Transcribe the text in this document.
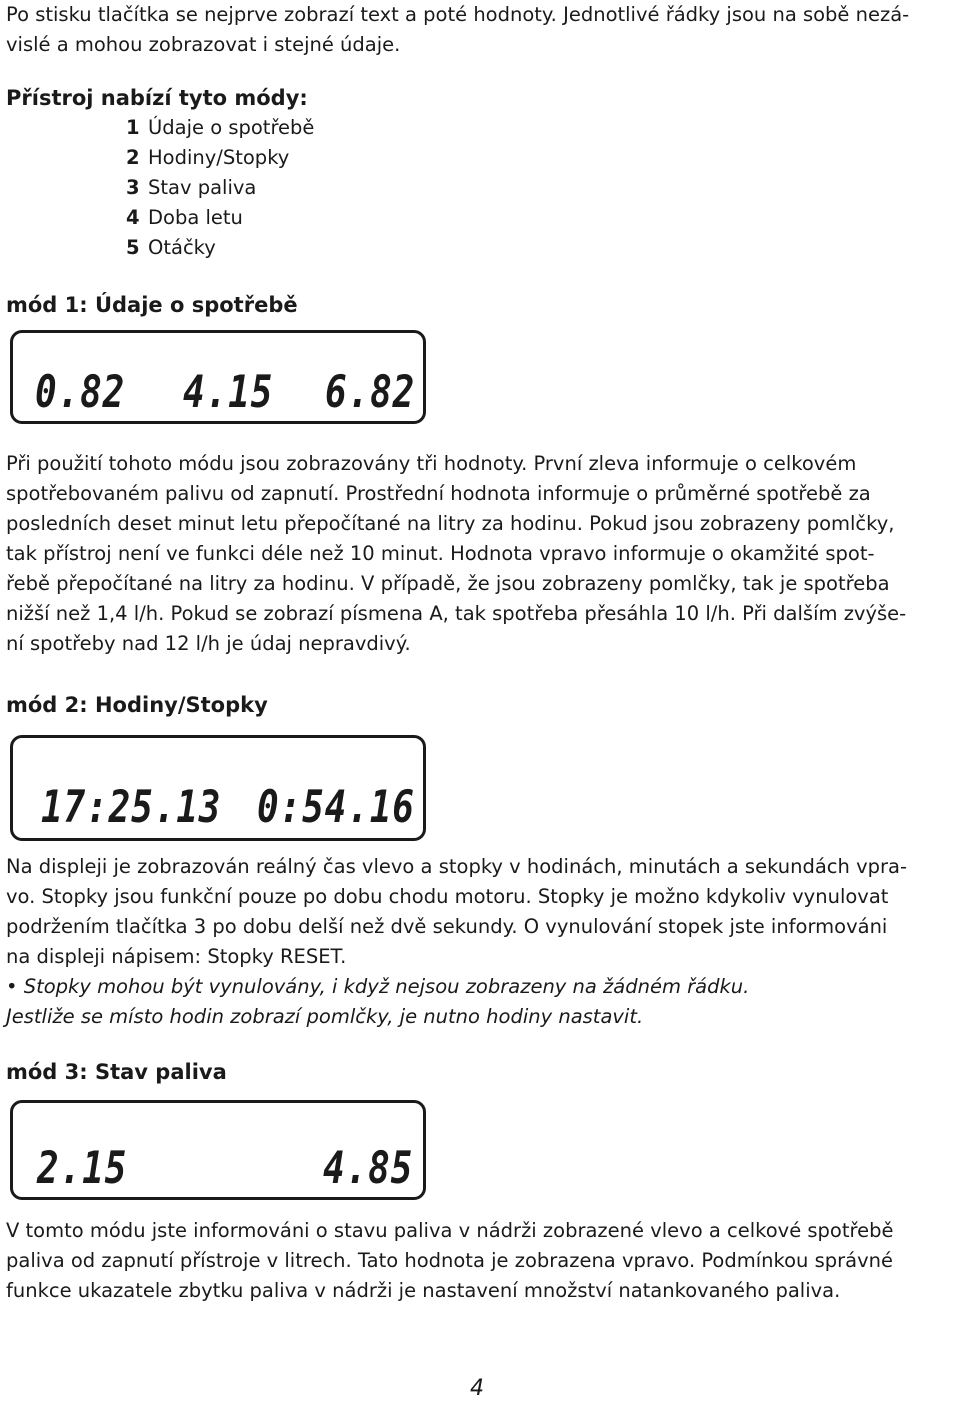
Po stisku tlačítka se nejprve zobrazí text a poté hodnoty. Jednotlivé řádky jsou na sobě nezá-

vislé a mohou zobrazovat i stejné údaje.

Přístroj nabízí tyto módy:
1 Údaje o spotřebě
2 Hodiny/Stopky
3 Stav paliva
4 Doba letu
5 Otáčky
mód 1: Údaje o spotřebě
0.82 4.15 6.82

Při použití tohoto módu jsou zobrazovány tři hodnoty. První zleva informuje o celkovém

spotřebovaném palivu od zapnutí. Prostřední hodnota informuje o průměrné spotřebě za

posledních deset minut letu přepočítané na litry za hodinu. Pokud jsou zobrazeny pomlčky,

tak přístroj není ve funkci déle než 10 minut. Hodnota vpravo informuje o okamžité spot-

řebě přepočítané na litry za hodinu. V případě, že jsou zobrazeny pomlčky, tak je spotřeba

nižší než 1,4 l/h. Pokud se zobrazí písmena A, tak spotřeba přesáhla 10 l/h. Při dalším zvýše-

ní spotřeby nad 12 l/h je údaj nepravdivý.

mód 2: Hodiny/Stopky
17:25.13 0:54.16

Na displeji je zobrazován reálný čas vlevo a stopky v hodinách, minutách a sekundách vpra-

vo. Stopky jsou funkční pouze po dobu chodu motoru. Stopky je možno kdykoliv vynulovat

podržením tlačítka 3 po dobu delší než dvě sekundy. O vynulování stopek jste informováni

na displeji nápisem: Stopky RESET.

• Stopky mohou být vynulovány, i když nejsou zobrazeny na žádném řádku.

Jestliže se místo hodin zobrazí pomlčky, je nutno hodiny nastavit.

mód 3: Stav paliva
2.15	4.85

V tomto módu jste informováni o stavu paliva v nádrži zobrazené vlevo a celkové spotřebě

paliva od zapnutí přístroje v litrech. Tato hodnota je zobrazena vpravo. Podmínkou správné

funkce ukazatele zbytku paliva v nádrži je nastavení množství natankovaného paliva.

4
